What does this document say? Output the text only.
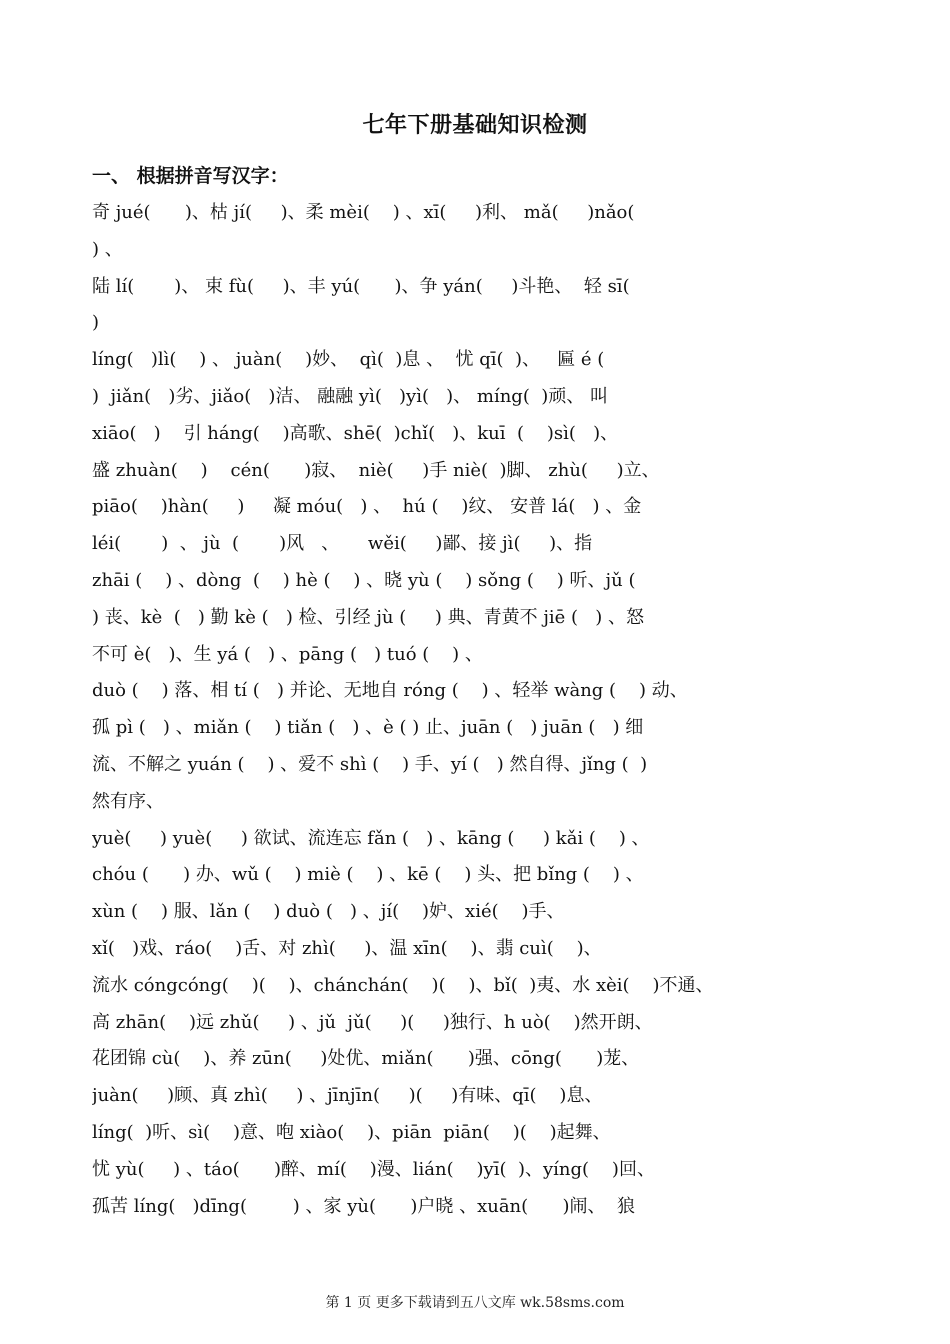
七年下册基础知识检测
一、 根据拼音写汉字：
奇 jué(      )、枯 jí(     )、柔 mèi(    ) 、xī(     )利、 mǎ(     )nǎo(
) 、
陆 lí(       )、 束 fù(     )、丰 yú(      )、争 yán(     )斗艳、  轻 sī(
)
líng(   )lì(    ) 、 juàn(    )妙、  qì(  )息 、  忧 qī(  )、   匾 é (
)  jiǎn(   )劣、jiǎo(   )洁、 融融 yì(   )yì(   )、 míng(  )顽、 叫
xiāo(   )    引 háng(    )高歌、shē(  )chǐ(   )、kuī  (    )sì(   )、
盛 zhuàn(    )    cén(      )寂、  niè(     )手 niè(  )脚、 zhù(     )立、
piāo(    )hàn(     )     凝 móu(   ) 、  hú (    )纹、 安普 lá(   ) 、金
léi(       )  、 jù  (       )风   、     wěi(     )鄙、接 jì(     )、指
zhāi (    ) 、dòng  (    ) hè (    ) 、晓 yù (    ) sǒng (    ) 听、jǔ (
) 丧、kè  (   ) 勤 kè (   ) 检、引经 jù (     ) 典、青黄不 jiē (   ) 、怒
不可 è(   )、生 yá (   ) 、pāng (   ) tuó (    ) 、
duò (    ) 落、相 tí (   ) 并论、无地自 róng (    ) 、轻举 wàng (    ) 动、
孤 pì (   ) 、miǎn (    ) tiǎn (   ) 、è ( ) 止、juān (   ) juān (   ) 细
流、不解之 yuán (    ) 、爱不 shì (    ) 手、yí (   ) 然自得、jǐng (  )
然有序、
yuè(     ) yuè(     ) 欲试、流连忘 fǎn (   ) 、kāng (     ) kǎi (    ) 、
chóu (      ) 办、wǔ (    ) miè (    ) 、kē (    ) 头、把 bǐng (    ) 、
xùn (    ) 服、lǎn (    ) duò (   ) 、jí(    )妒、xié(    )手、
xǐ(   )戏、ráo(    )舌、对 zhì(     )、温 xīn(    )、翡 cuì(    )、
流水 cóngcóng(    )(    )、chánchán(    )(    )、bǐ(  )夷、水 xèi(    )不通、
高 zhān(    )远 zhǔ(     ) 、jǔ  jǔ(     )(     )独行、h uò(    )然开朗、
花团锦 cù(    )、养 zūn(     )处优、miǎn(      )强、cōng(      )茏、
juàn(     )顾、真 zhì(     ) 、jīnjīn(     )(     )有味、qī(    )息、
líng(  )听、sì(    )意、咆 xiào(    )、piān  piān(    )(    )起舞、
忧 yù(     ) 、táo(      )醉、mí(    )漫、lián(    )yī(  )、yíng(    )回、
孤苦 líng(   )dīng(        ) 、家 yù(      )户晓 、xuān(      )闹、  狼
第 1 页 更多下载请到五八文库 wk.58sms.com
